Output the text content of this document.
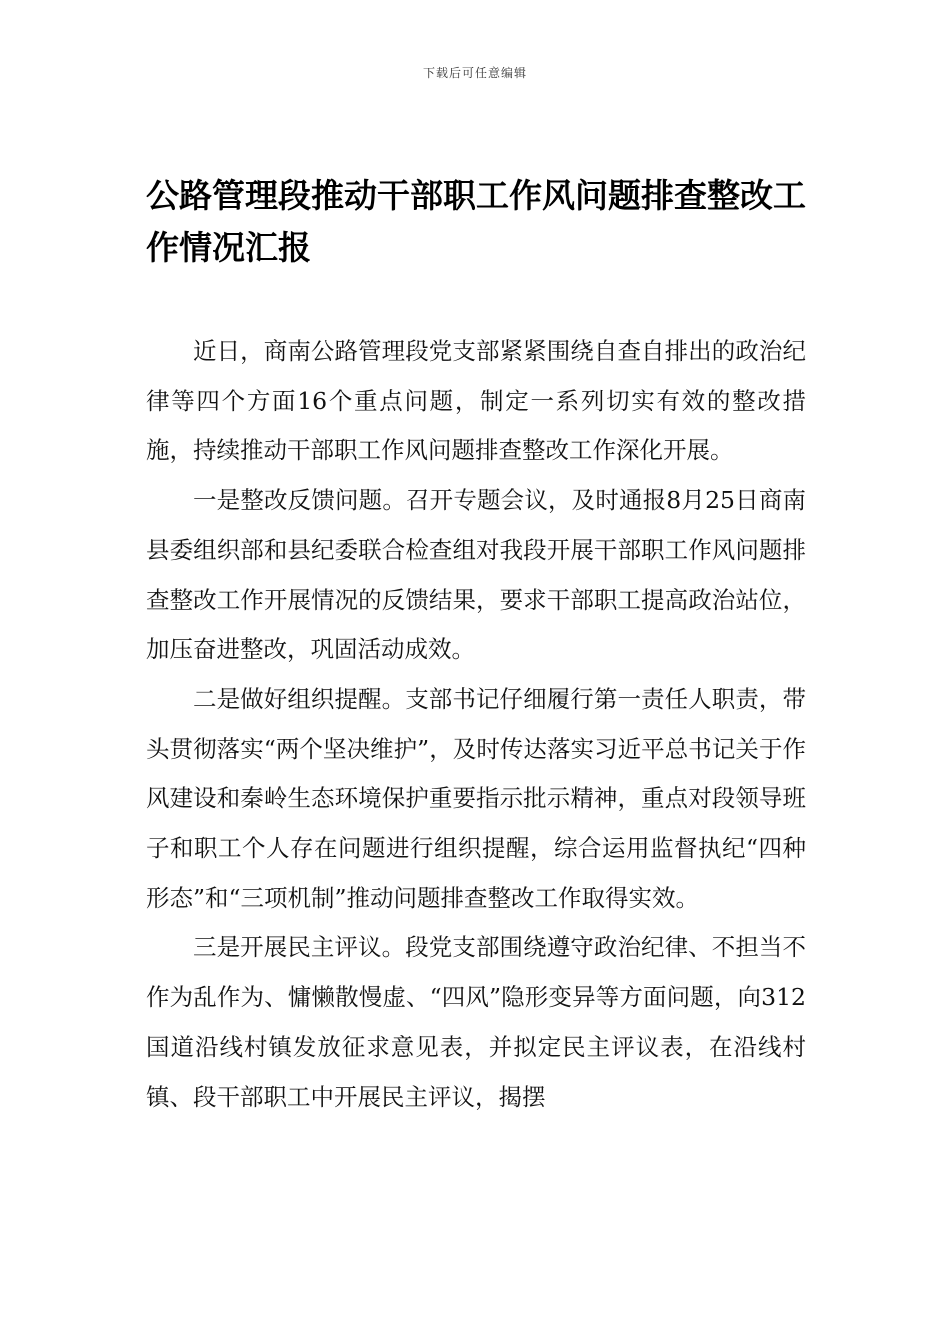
下载后可任意编辑
公路管理段推动干部职工作风问题排查整改工作情况汇报

近日，商南公路管理段党支部紧紧围绕自查自排出的政治纪律等四个方面16个重点问题，制定一系列切实有效的整改措施，持续推动干部职工作风问题排查整改工作深化开展。

一是整改反馈问题。召开专题会议，及时通报8月25日商南县委组织部和县纪委联合检查组对我段开展干部职工作风问题排查整改工作开展情况的反馈结果，要求干部职工提高政治站位，加压奋进整改，巩固活动成效。

二是做好组织提醒。支部书记仔细履行第一责任人职责，带头贯彻落实“两个坚决维护”，及时传达落实习近平总书记关于作风建设和秦岭生态环境保护重要指示批示精神，重点对段领导班子和职工个人存在问题进行组织提醒，综合运用监督执纪“四种形态”和“三项机制”推动问题排查整改工作取得实效。

三是开展民主评议。段党支部围绕遵守政治纪律、不担当不作为乱作为、慵懒散慢虚、“四风”隐形变异等方面问题，向312国道沿线村镇发放征求意见表，并拟定民主评议表，在沿线村镇、段干部职工中开展民主评议，揭摆
